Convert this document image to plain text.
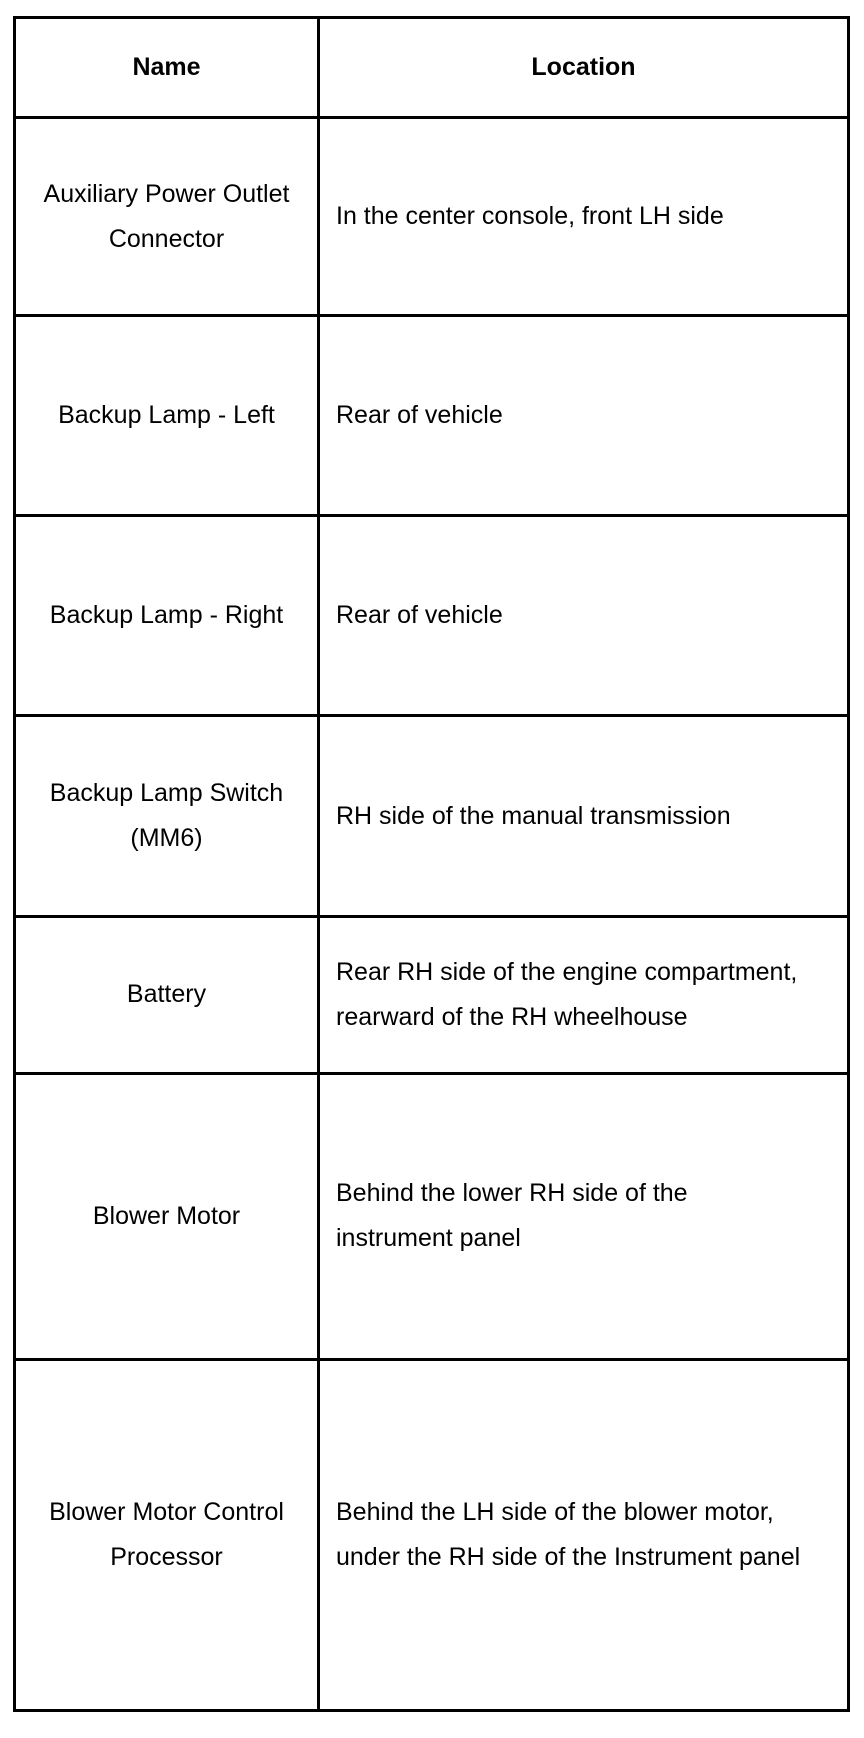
Name	Location
Auxiliary Power Outlet Connector	In the center console, front LH side
Backup Lamp - Left	Rear of vehicle
Backup Lamp - Right	Rear of vehicle
Backup Lamp Switch (MM6)	RH side of the manual transmission
Battery	Rear RH side of the engine compartment, rearward of the RH wheelhouse
Blower Motor	Behind the lower RH side of the instrument panel
Blower Motor Control Processor	Behind the LH side of the blower motor, under the RH side of the Instrument panel
